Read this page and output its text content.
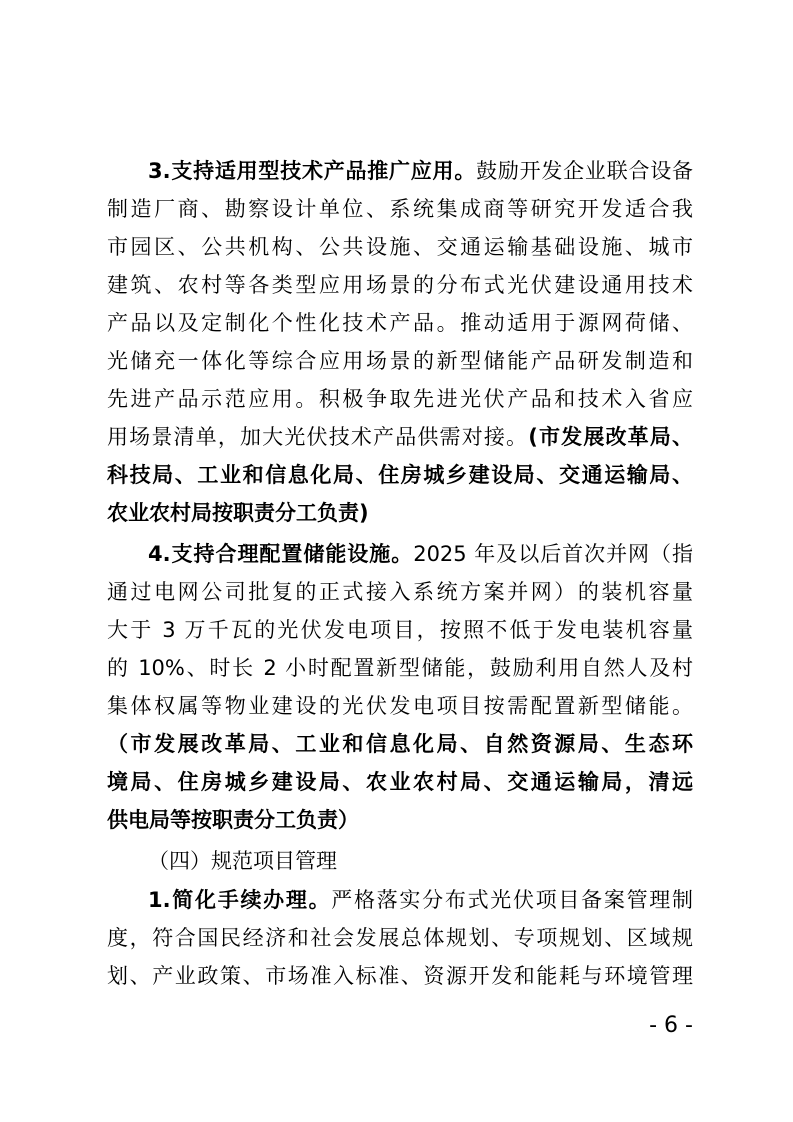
3.支持适用型技术产品推广应用。鼓励开发企业联合设备
制造厂商、勘察设计单位、系统集成商等研究开发适合我
市园区、公共机构、公共设施、交通运输基础设施、城市
建筑、农村等各类型应用场景的分布式光伏建设通用技术
产品以及定制化个性化技术产品。推动适用于源网荷储、
光储充一体化等综合应用场景的新型储能产品研发制造和
先进产品示范应用。积极争取先进光伏产品和技术入省应
用场景清单，加大光伏技术产品供需对接。(市发展改革局、
科技局、工业和信息化局、住房城乡建设局、交通运输局、
农业农村局按职责分工负责)
4.支持合理配置储能设施。2025 年及以后首次并网（指
通过电网公司批复的正式接入系统方案并网）的装机容量
大于 3 万千瓦的光伏发电项目，按照不低于发电装机容量
的 10%、时长 2 小时配置新型储能，鼓励利用自然人及村
集体权属等物业建设的光伏发电项目按需配置新型储能。
（市发展改革局、工业和信息化局、自然资源局、生态环
境局、住房城乡建设局、农业农村局、交通运输局，清远
供电局等按职责分工负责）
（四）规范项目管理
1.简化手续办理。严格落实分布式光伏项目备案管理制
度，符合国民经济和社会发展总体规划、专项规划、区域规
划、产业政策、市场准入标准、资源开发和能耗与环境管理
- 6 -
